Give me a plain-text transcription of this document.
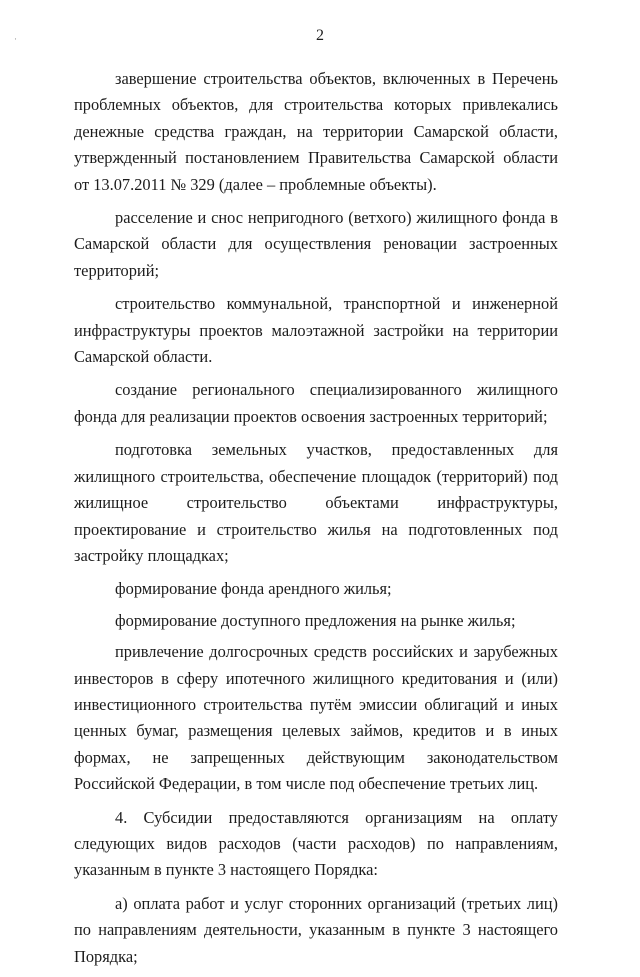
·	2

завершение строительства объектов, включенных в Перечень проблемных объектов, для строительства которых привлекались денежные средства граждан, на территории Самарской области, утвержденный постановлением Правительства Самарской области от 13.07.2011 № 329 (далее – проблемные объекты).

расселение и снос непригодного (ветхого) жилищного фонда в Самарской области для осуществления реновации застроенных территорий;

строительство коммунальной, транспортной и инженерной инфраструктуры проектов малоэтажной застройки на территории Самарской области.

создание регионального специализированного жилищного фонда для реализации проектов освоения застроенных территорий;

подготовка земельных участков, предоставленных для жилищного строительства, обеспечение площадок (территорий) под жилищное строительство объектами инфраструктуры, проектирование и строительство жилья на подготовленных под застройку площадках;

формирование фонда арендного жилья;

формирование доступного предложения на рынке жилья;

привлечение долгосрочных средств российских и зарубежных инвесторов в сферу ипотечного жилищного кредитования и (или) инвестиционного строительства путём эмиссии облигаций и иных ценных бумаг, размещения целевых займов, кредитов и в иных формах, не запрещенных действующим законодательством Российской Федерации, в том числе под обеспечение третьих лиц.

4. Субсидии предоставляются организациям на оплату следующих видов расходов (части расходов) по направлениям, указанным в пункте 3 настоящего Порядка:

а) оплата работ и услуг сторонних организаций (третьих лиц) по направлениям деятельности, указанным в пункте 3 настоящего Порядка;
